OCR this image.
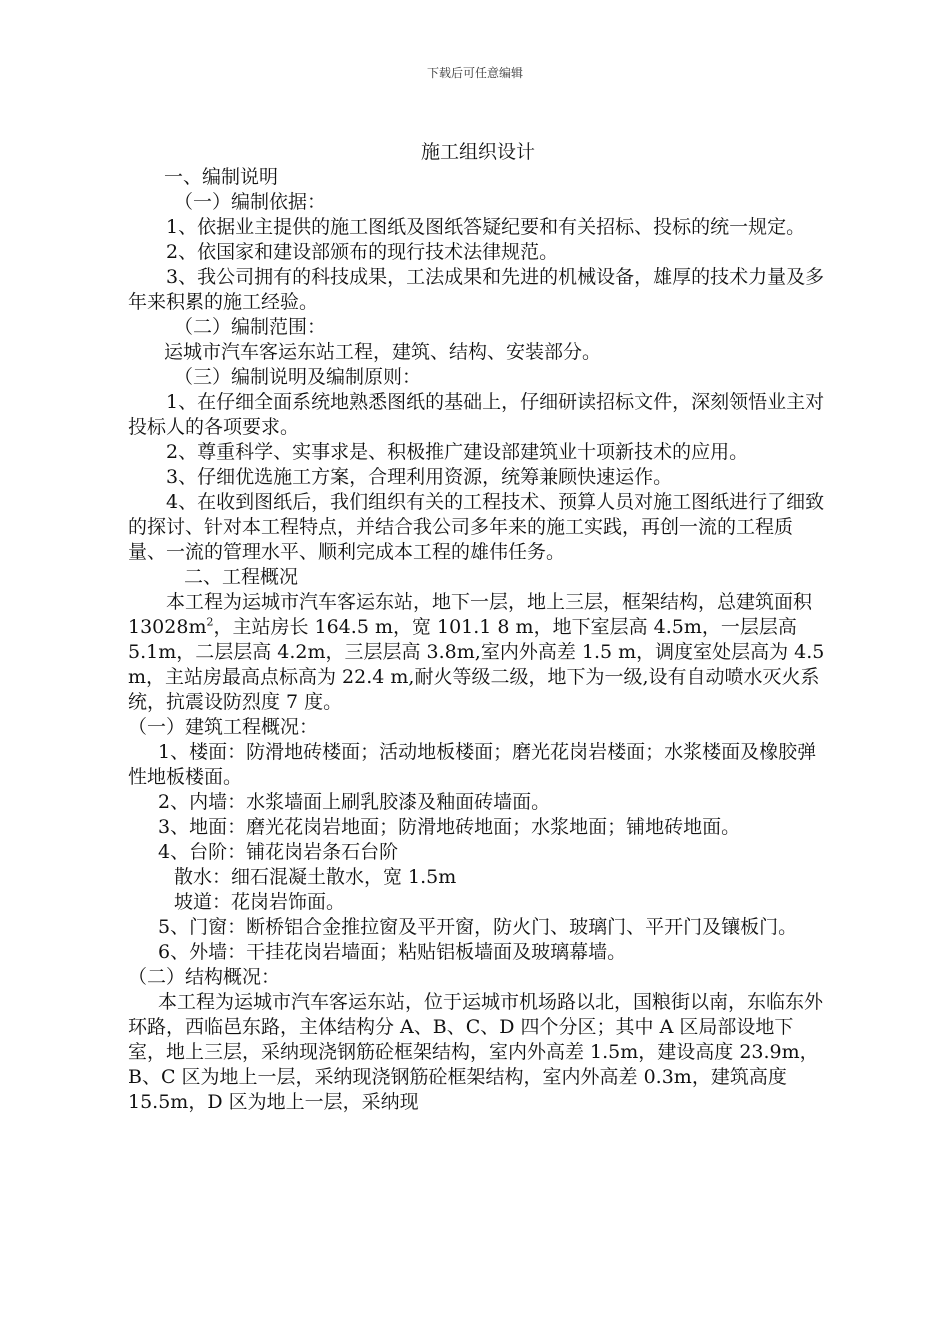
下载后可任意编辑
施工组织设计
一、编制说明
（一）编制依据：
1、依据业主提供的施工图纸及图纸答疑纪要和有关招标、投标的统一规定。
2、依国家和建设部颁布的现行技术法律规范。
3、我公司拥有的科技成果，工法成果和先进的机械设备，雄厚的技术力量及多年来积累的施工经验。
（二）编制范围：
运城市汽车客运东站工程，建筑、结构、安装部分。
（三）编制说明及编制原则：
1、在仔细全面系统地熟悉图纸的基础上，仔细研读招标文件，深刻领悟业主对投标人的各项要求。
2、尊重科学、实事求是、积极推广建设部建筑业十项新技术的应用。
3、仔细优选施工方案，合理利用资源，统筹兼顾快速运作。
4、在收到图纸后，我们组织有关的工程技术、预算人员对施工图纸进行了细致的探讨、针对本工程特点，并结合我公司多年来的施工实践，再创一流的工程质量、一流的管理水平、顺利完成本工程的雄伟任务。
二、工程概况
本工程为运城市汽车客运东站，地下一层，地上三层，框架结构，总建筑面积 $13028m^2$，主站房长 164.5 m，宽 101.1 8 m，地下室层高 4.5m，一层层高 5.1m，二层层高 4.2m，三层层高 3.8m,室内外高差 1.5 m，调度室处层高为 4.5 m，主站房最高点标高为 22.4 m,耐火等级二级，地下为一级,设有自动喷水灭火系统，抗震设防烈度 7 度。
（一）建筑工程概况：
1、楼面：防滑地砖楼面；活动地板楼面；磨光花岗岩楼面；水浆楼面及橡胶弹性地板楼面。
2、内墙：水浆墙面上刷乳胶漆及釉面砖墙面。
3、地面：磨光花岗岩地面；防滑地砖地面；水浆地面；铺地砖地面。
4、台阶：铺花岗岩条石台阶
散水：细石混凝土散水，宽 1.5m
坡道：花岗岩饰面。
5、门窗：断桥铝合金推拉窗及平开窗，防火门、玻璃门、平开门及镶板门。
6、外墙：干挂花岗岩墙面；粘贴铝板墙面及玻璃幕墙。
（二）结构概况：
本工程为运城市汽车客运东站，位于运城市机场路以北，国粮街以南，东临东外环路，西临邑东路，主体结构分 A、B、C、D 四个分区；其中 A 区局部设地下室，地上三层，采纳现浇钢筋砼框架结构，室内外高差 1.5m，建设高度 23.9m，B、C 区为地上一层，采纳现浇钢筋砼框架结构，室内外高差 0.3m，建筑高度 15.5m，D 区为地上一层，采纳现
